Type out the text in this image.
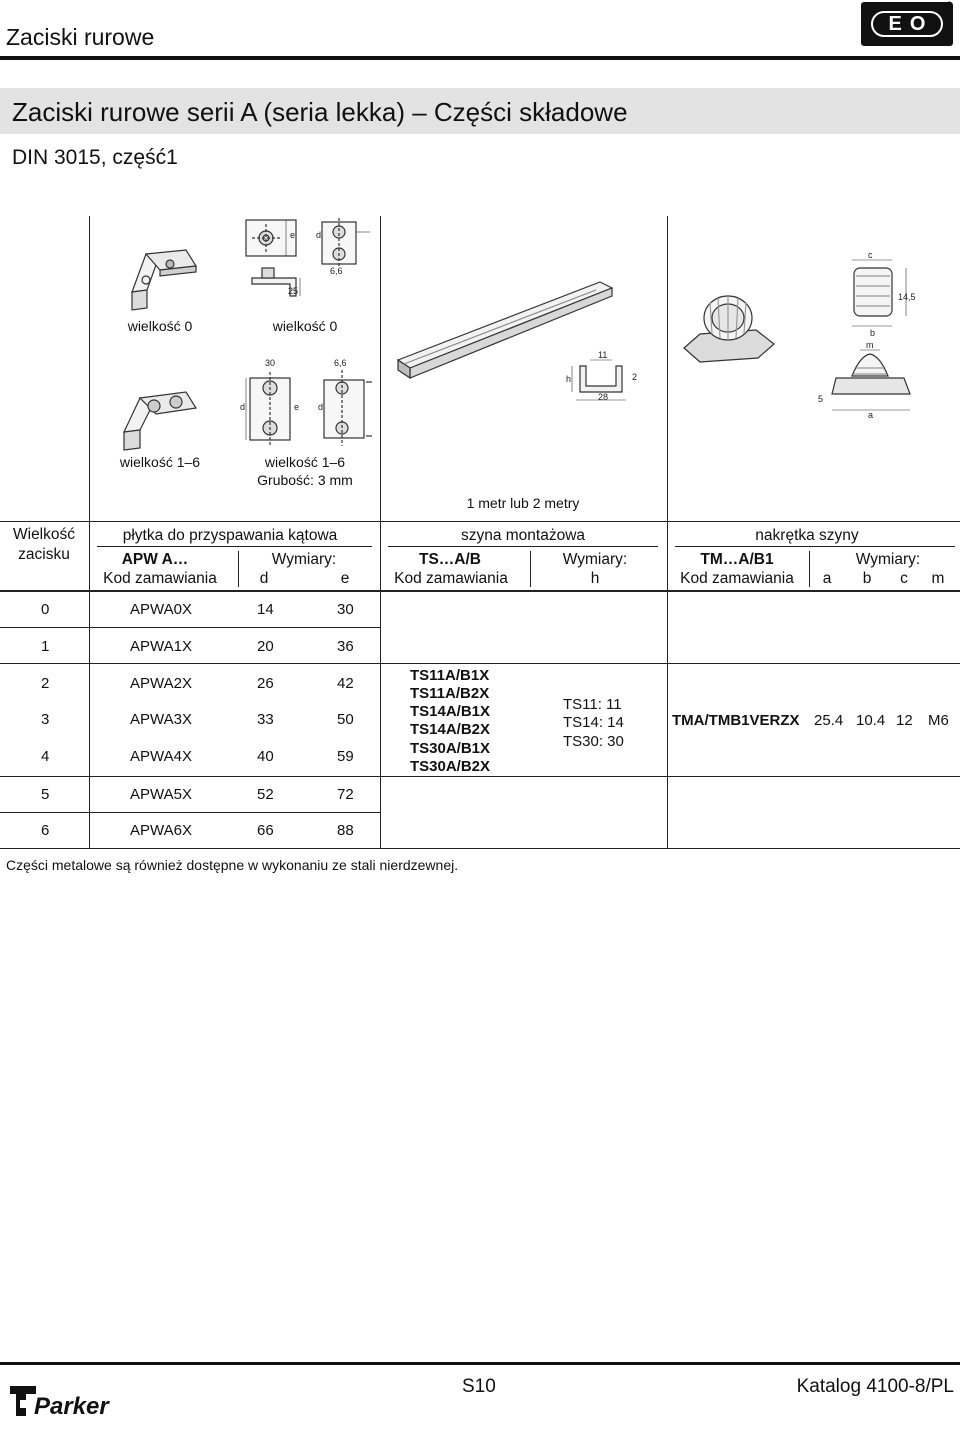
Zaciski rurowe	EO
®
Zaciski rurowe serii A (seria lekka) – Części składowe
DIN 3015, część1
e d
6,6
25
30	6,6
d	e d
h
11
28
2
c
14,5
b
m
5
a
wielkość 0	wielkość 0
wielkość 1–6	wielkość 1–6
Grubość: 3 mm
1 metr lub 2 metry
Wielkość
zacisku
płytka do przyspawania kątowa	szyna montażowa	nakrętka szyny
APW A…	Wymiary:
Kod zamawiania	d	e
TS…A/B	Wymiary:
Kod zamawiania	h
TM…A/B1	Wymiary:
Kod zamawiania a b c m
0	APWA0X	14	30
1	APWA1X	20	36
2	APWA2X	26	42
3	APWA3X	33	50
4	APWA4X	40	59
5	APWA5X	52	72
6	APWA6X	66	88
TS11A/B1X
TS11A/B2X
TS14A/B1X
TS14A/B2X
TS30A/B1X
TS30A/B2X
TS11: 11
TS14: 14
TS30: 30
TMA/TMB1VERZX 25.4 10.4 12 M6
Części metalowe są również dostępne w wykonaniu ze stali nierdzewnej.
Parker
S10	Katalog 4100-8/PL
